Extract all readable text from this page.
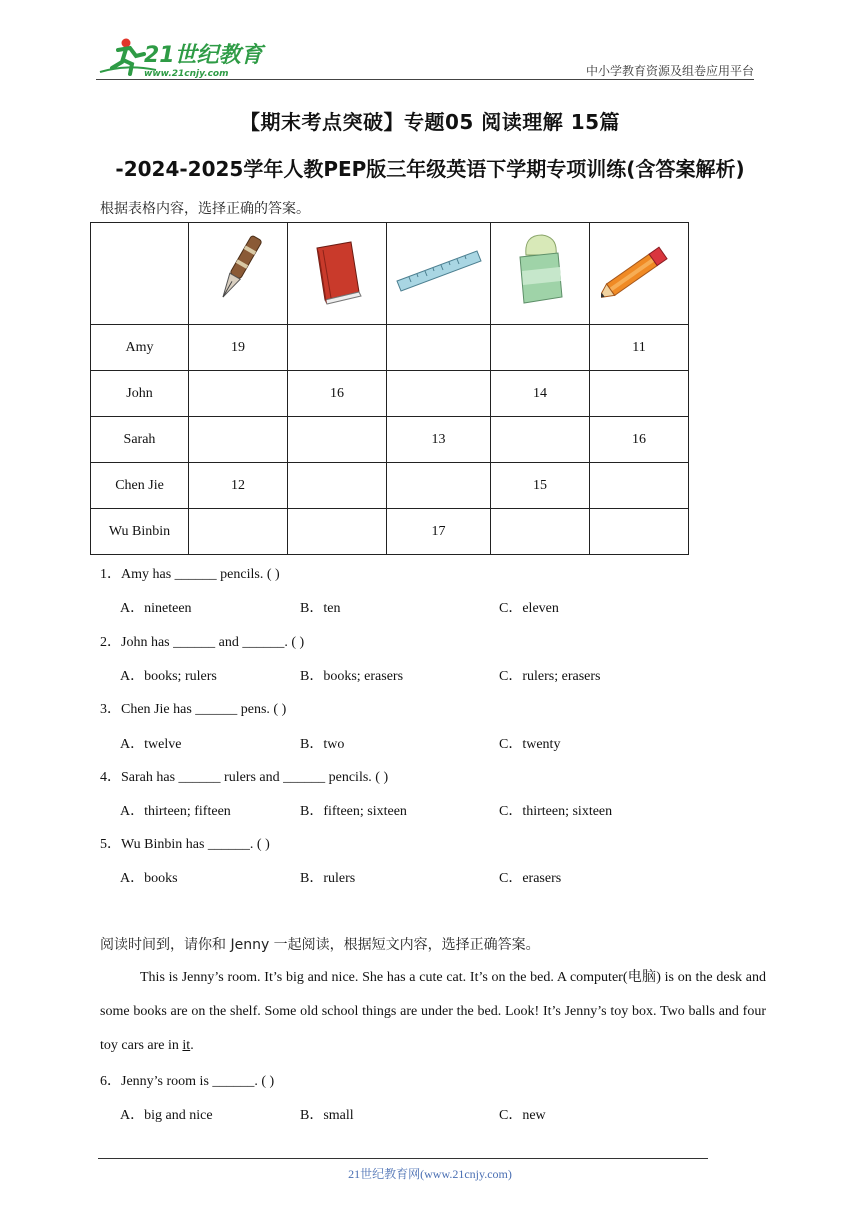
21世纪教育
www.21cnjy.com	中小学教育资源及组卷应用平台
【期末考点突破】专题05 阅读理解 15篇
-2024-2025学年人教PEP版三年级英语下学期专项训练(含答案解析)
根据表格内容，选择正确的答案。

Amy	19				11
John		16		14	
Sarah			13		16
Chen Jie	12			15	
Wu Binbin			17		
1．Amy has ______ pencils. ( )
A．nineteen	B．ten	C．eleven
2．John has ______ and ______. ( )
A．books; rulers	B．books; erasers	C．rulers; erasers
3．Chen Jie has ______ pens. ( )
A．twelve	B．two	C．twenty
4．Sarah has ______ rulers and ______ pencils. ( )
A．thirteen; fifteen	B．fifteen; sixteen	C．thirteen; sixteen
5．Wu Binbin has ______. ( )
A．books	B．rulers	C．erasers
阅读时间到，请你和 Jenny 一起阅读，根据短文内容，选择正确答案。
This is Jenny’s room. It’s big and nice. She has a cute cat. It’s on the bed. A computer(电脑) is on the desk and some books are on the shelf. Some old school things are under the bed. Look! It’s Jenny’s toy box. Two balls and four toy cars are in it.
6．Jenny’s room is ______. ( )
A．big and nice	B．small	C．new
21世纪教育网(www.21cnjy.com)
